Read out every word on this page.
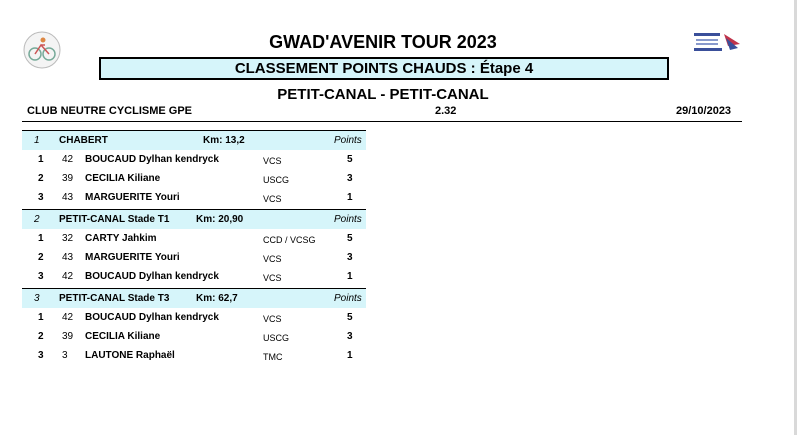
GWAD'AVENIR TOUR 2023
CLASSEMENT POINTS CHAUDS : Étape 4
PETIT-CANAL - PETIT-CANAL
CLUB NEUTRE CYCLISME GPE	2.32	29/10/2023
1 CHABERT	Km: 13,2	Points
1 42 BOUCAUD Dylhan kendryck	VCS	5
2 39 CECILIA Kiliane	USCG	3
3 43 MARGUERITE Youri	VCS	1
2 PETIT-CANAL Stade T1	Km: 20,90	Points
1 32 CARTY Jahkim	CCD / VCSG	5
2 43 MARGUERITE Youri	VCS	3
3 42 BOUCAUD Dylhan kendryck	VCS	1
3 PETIT-CANAL Stade T3	Km: 62,7	Points
1 42 BOUCAUD Dylhan kendryck	VCS	5
2 39 CECILIA Kiliane	USCG	3
3 3 LAUTONE Raphaël	TMC	1
